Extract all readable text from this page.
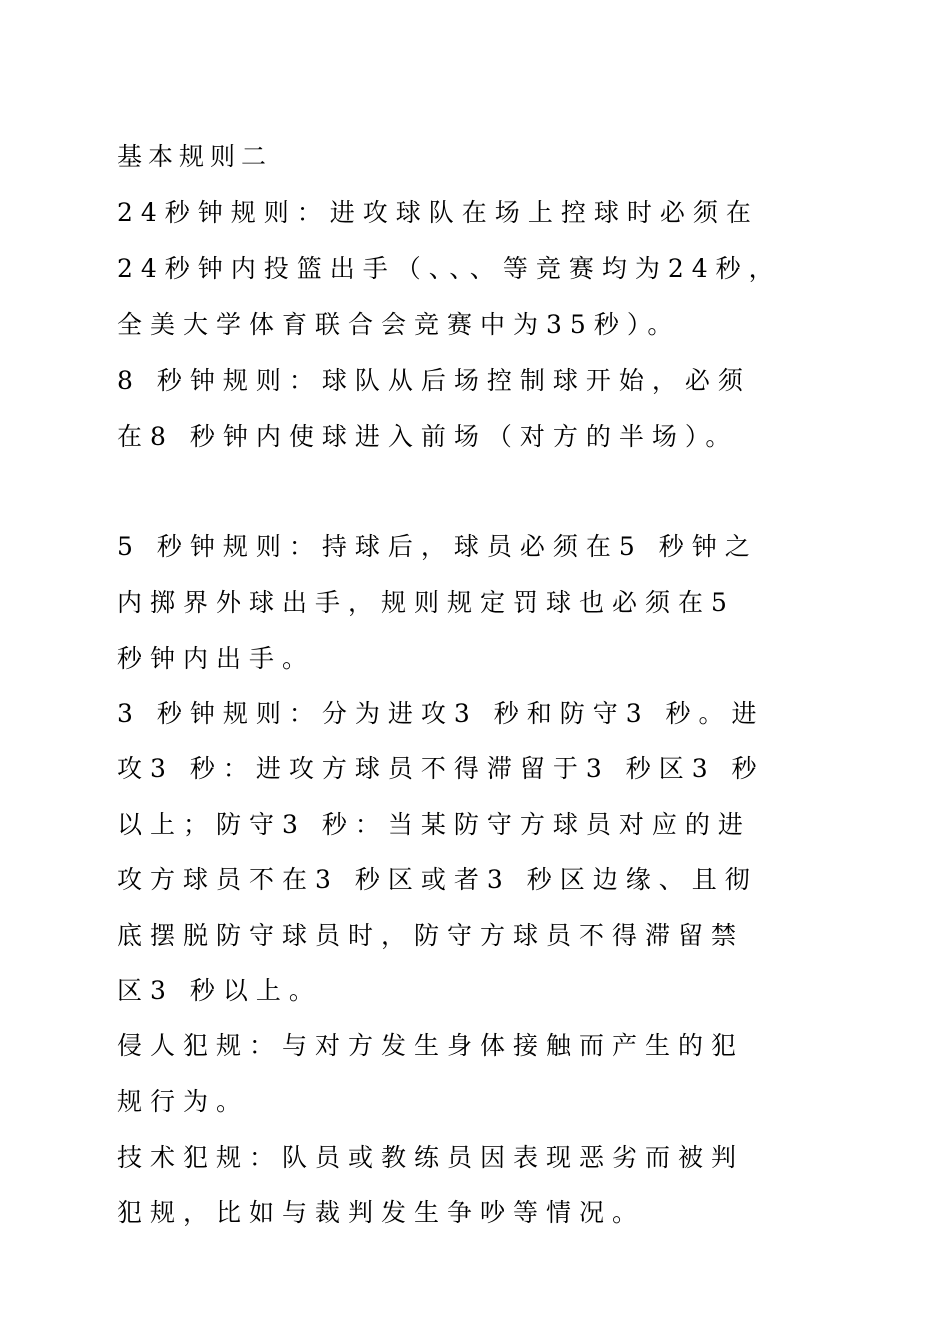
基本规则二
24秒钟规则：进攻球队在场上控球时必须在
24秒钟内投篮出手（、、、等竞赛均为24秒，
全美大学体育联合会竞赛中为35秒）。
8 秒钟规则：球队从后场控制球开始，必须
在8 秒钟内使球进入前场（对方的半场）。
5 秒钟规则：持球后，球员必须在5 秒钟之
内掷界外球出手，规则规定罚球也必须在5
秒钟内出手。
3 秒钟规则：分为进攻3 秒和防守3 秒。进
攻3 秒：进攻方球员不得滞留于3 秒区3 秒
以上；防守3 秒：当某防守方球员对应的进
攻方球员不在3 秒区或者3 秒区边缘、且彻
底摆脱防守球员时，防守方球员不得滞留禁
区3 秒以上。
侵人犯规：与对方发生身体接触而产生的犯
规行为。
技术犯规：队员或教练员因表现恶劣而被判
犯规，比如与裁判发生争吵等情况。
